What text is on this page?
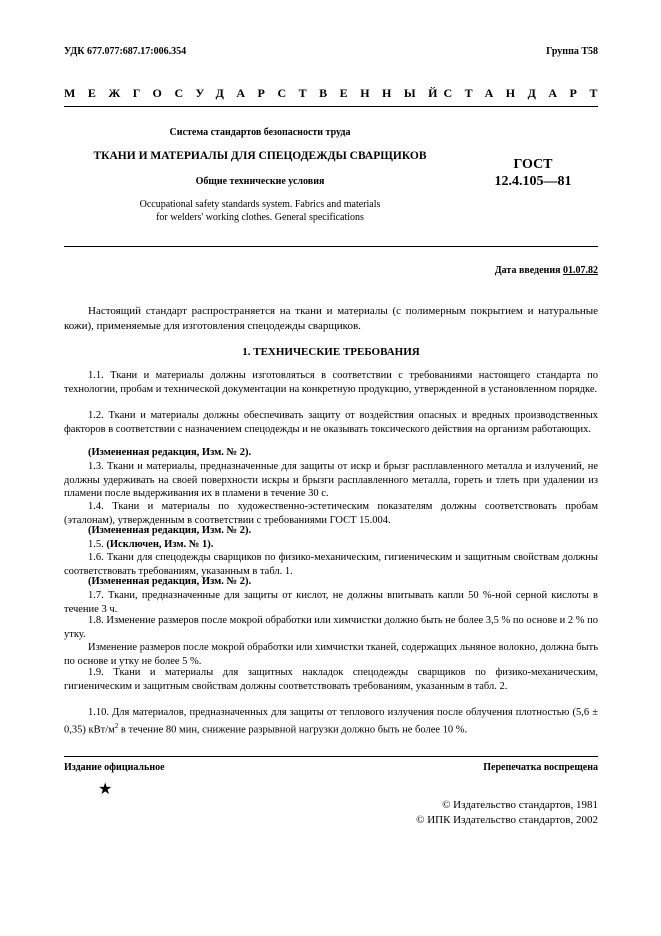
УДК 677.077:687.17:006.354	Группа Т58
МЕЖГОСУДАРСТВЕННЫЙ
СТАНДАРТ
Система стандартов безопасности труда
ТКАНИ И МАТЕРИАЛЫ ДЛЯ СПЕЦОДЕЖДЫ СВАРЩИКОВ
Общие технические условия
Occupational safety standards system. Fabrics and materials
for welders' working clothes. General specifications
ГОСТ
12.4.105—81
Дата введения 01.07.82
Настоящий стандарт распространяется на ткани и материалы (с полимерным покрытием и натуральные кожи), применяемые для изготовления спецодежды сварщиков.
1. ТЕХНИЧЕСКИЕ ТРЕБОВАНИЯ
1.1. Ткани и материалы должны изготовляться в соответствии с требованиями настоящего стандарта по технологии, пробам и технической документации на конкретную продукцию, утвержденной в установленном порядке.
1.2. Ткани и материалы должны обеспечивать защиту от воздействия опасных и вредных производственных факторов в соответствии с назначением спецодежды и не оказывать токсического действия на организм работающих.
(Измененная редакция, Изм. № 2).
1.3. Ткани и материалы, предназначенные для защиты от искр и брызг расплавленного металла и излучений, не должны удерживать на своей поверхности искры и брызги расплавленного металла, гореть и тлеть при удалении из пламени после выдерживания их в пламени в течение 30 с.
1.4. Ткани и материалы по художественно-эстетическим показателям должны соответствовать пробам (эталонам), утвержденным в соответствии с требованиями ГОСТ 15.004.
(Измененная редакция, Изм. № 2).
1.5. (Исключен, Изм. № 1).
1.6. Ткани для спецодежды сварщиков по физико-механическим, гигиеническим и защитным свойствам должны соответствовать требованиям, указанным в табл. 1.
(Измененная редакция, Изм. № 2).
1.7. Ткани, предназначенные для защиты от кислот, не должны впитывать капли 50 %-ной серной кислоты в течение 3 ч.
1.8. Изменение размеров после мокрой обработки или химчистки должно быть не более 3,5 % по основе и 2 % по утку.
Изменение размеров после мокрой обработки или химчистки тканей, содержащих льняное волокно, должна быть по основе и утку не более 5 %.
1.9. Ткани и материалы для защитных накладок спецодежды сварщиков по физико-механическим, гигиеническим и защитным свойствам должны соответствовать требованиям, указанным в табл. 2.
1.10. Для материалов, предназначенных для защиты от теплового излучения после облучения плотностью (5,6 ± 0,35) кВт/$м^2$ в течение 80 мин, снижение разрывной нагрузки должно быть не более 10 %.
Издание официальное	Перепечатка воспрещена
★
© Издательство стандартов, 1981
© ИПК Издательство стандартов, 2002
